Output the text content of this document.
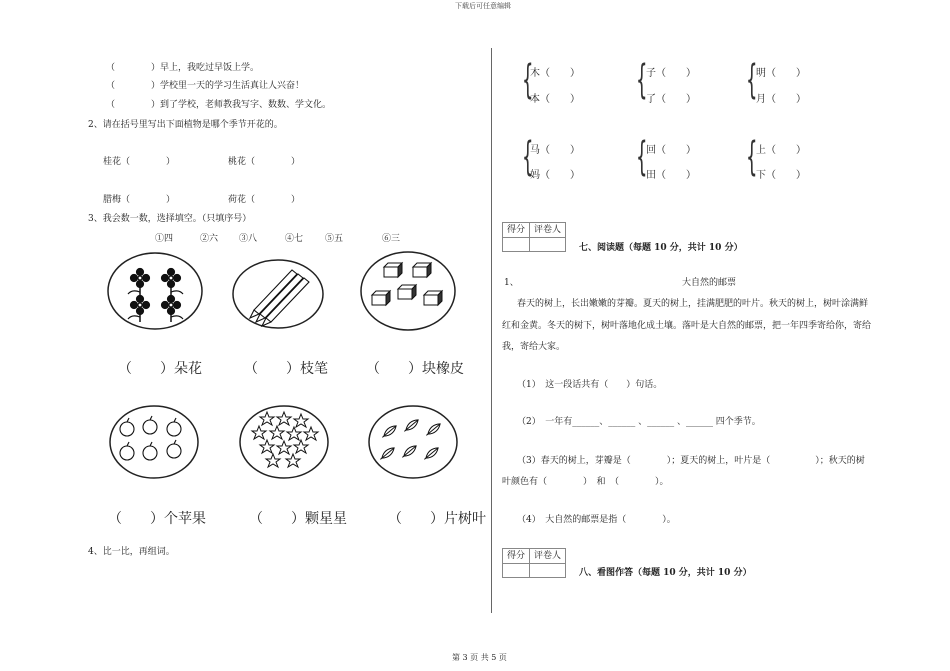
下载后可任意编辑
第 3 页 共 5 页
（　　　　）早上，我吃过早饭上学。
（　　　　）学校里一天的学习生活真让人兴奋！
（　　　　）到了学校，老师教我写字、数数、学文化。
2、请在括号里写出下面植物是哪个季节开花的。
桂花（　　　　）	桃花（　　　　）
腊梅（　　　　）	荷花（　　　　）
3、我会数一数，选择填空。（只填序号）
①四	②六 ③八	④七 ⑤五	⑥三
（　　）朵花	（　　）枝笔	（　　）块橡皮
（　　）个苹果	（　　）颗星星	（　　）片树叶
4、比一比，再组词。
{
木（　　）
本（　　） {
子（　　）
了（　　） {
明（　　）
月（　　）
{
马（　　）
妈（　　） {
回（　　）
田（　　） {
上（　　）
下（　　）
得分 评卷人
七、阅读题（每题 10 分，共计 10 分）
1、	大自然的邮票
春天的树上，长出嫩嫩的芽瓣。夏天的树上，挂满肥肥的叶片。秋天的树上，树叶涂满鲜
红和金黄。冬天的树下，树叶落地化成土壤。落叶是大自然的邮票，把一年四季寄给你，寄给
我，寄给大家。
（1）　这一段话共有（　　）句话。
（2）　一年有______、______ 、______ 、______ 四个季节。
（3）春天的树上，芽瓣是（　　　　）；夏天的树上，叶片是（　　　　　）；秋天的树
叶颜色有（　　　　）　和　（　　　　）。
（4）　大自然的邮票是指（　　　　）。
得分 评卷人
八、看图作答（每题 10 分，共计 10 分）
